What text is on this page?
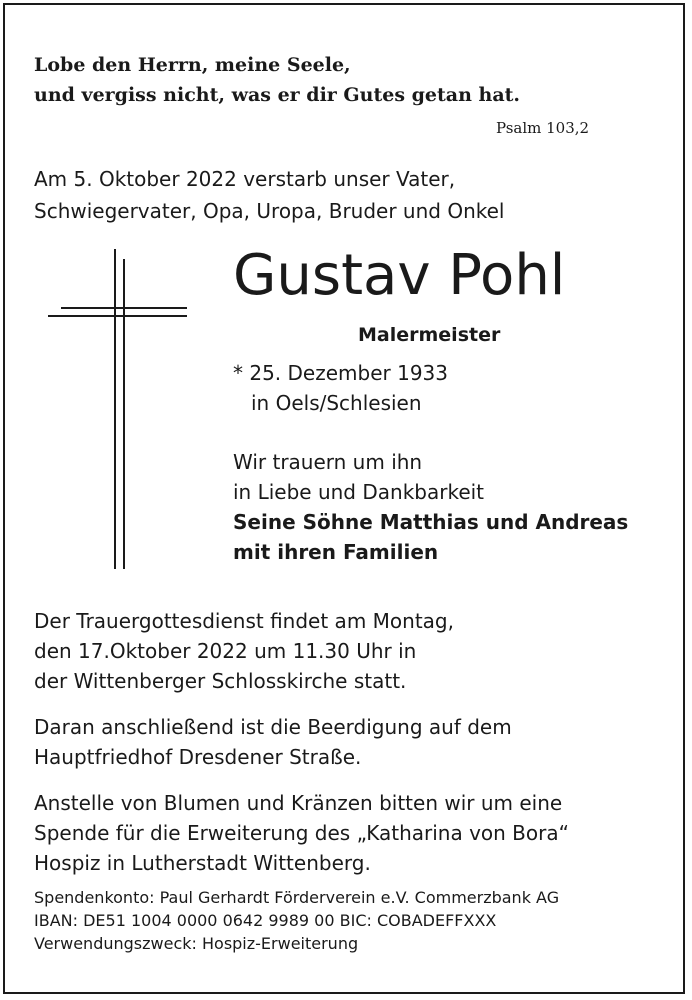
Lobe den Herrn, meine Seele,
und vergiss nicht, was er dir Gutes getan hat.
Psalm 103,2
Am 5. Oktober 2022 verstarb unser Vater,
Schwiegervater, Opa, Uropa, Bruder und Onkel
Gustav Pohl
Malermeister
* 25. Dezember 1933
in Oels/Schlesien
Wir trauern um ihn
in Liebe und Dankbarkeit
Seine Söhne Matthias und Andreas
mit ihren Familien
Der Trauergottesdienst findet am Montag,
den 17.Oktober 2022 um 11.30 Uhr in
der Wittenberger Schlosskirche statt.
Daran anschließend ist die Beerdigung auf dem
Hauptfriedhof Dresdener Straße.
Anstelle von Blumen und Kränzen bitten wir um eine
Spende für die Erweiterung des „Katharina von Bora“
Hospiz in Lutherstadt Wittenberg.
Spendenkonto: Paul Gerhardt Förderverein e.V. Commerzbank AG
IBAN: DE51 1004 0000 0642 9989 00 BIC: COBADEFFXXX
Verwendungszweck: Hospiz-Erweiterung
